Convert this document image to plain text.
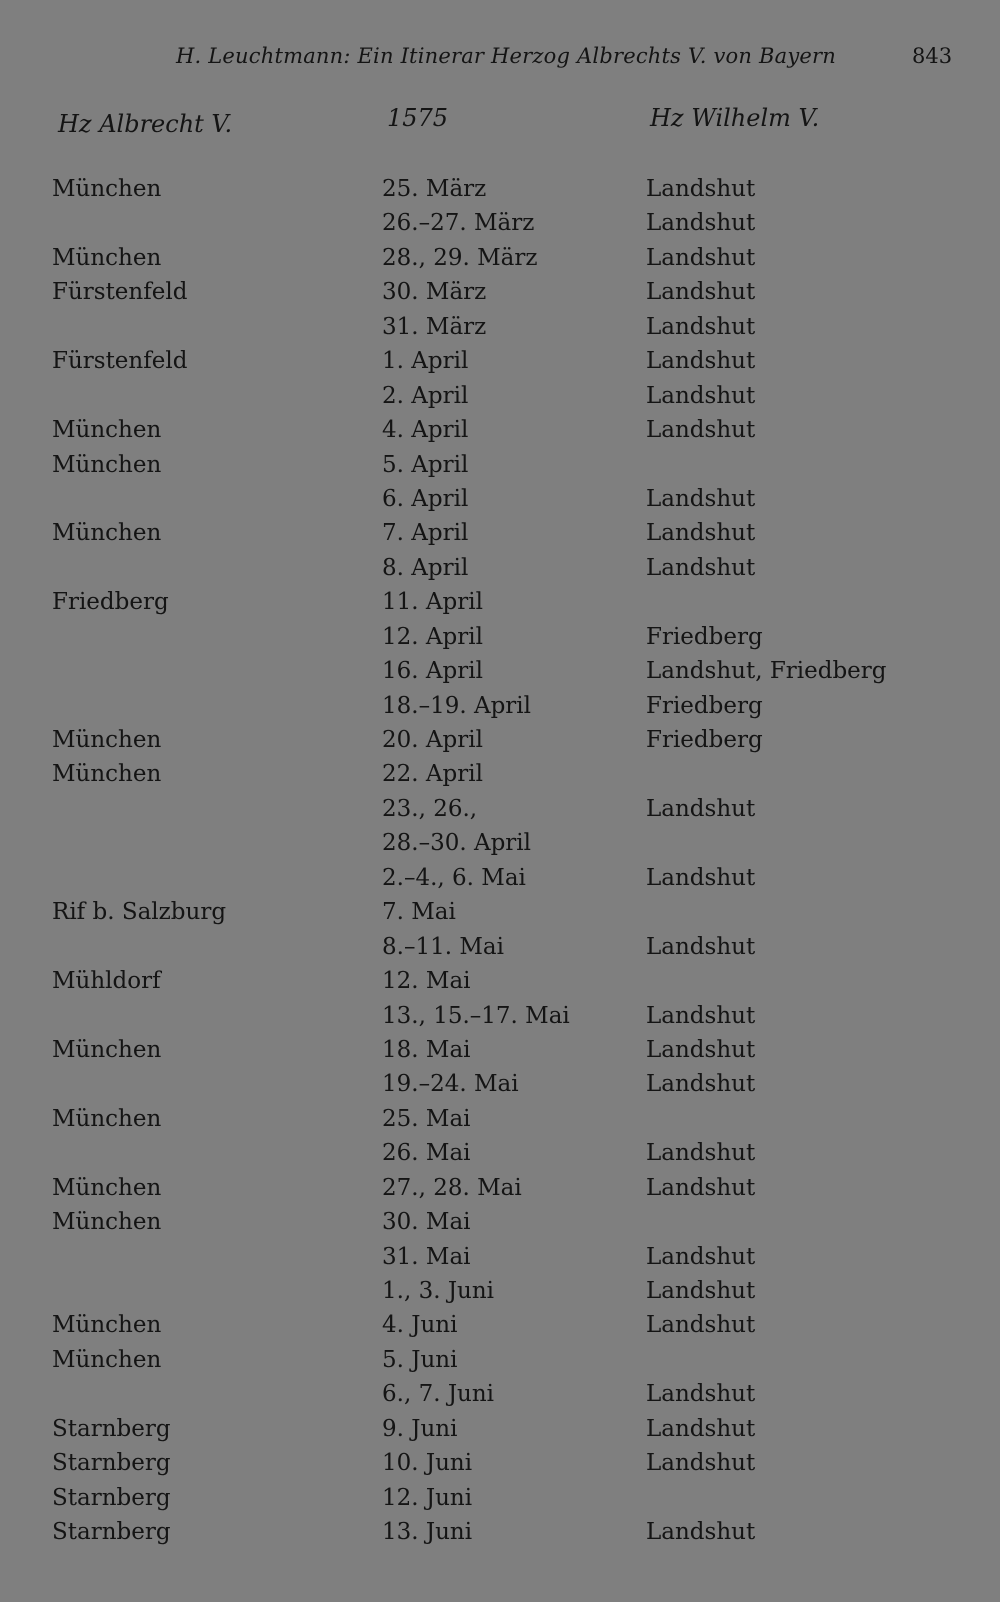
H. Leuchtmann: Ein Itinerar Herzog Albrechts V. von Bayern	843
Hz Albrecht V.	1575	Hz Wilhelm V.
München	25. März	Landshut
26.–27. März	Landshut
München	28., 29. März	Landshut
Fürstenfeld	30. März	Landshut
31. März	Landshut
Fürstenfeld	1. April	Landshut
2. April	Landshut
München	4. April	Landshut
München	5. April
6. April	Landshut
München	7. April	Landshut
8. April	Landshut
Friedberg	11. April
12. April	Friedberg
16. April	Landshut, Friedberg
18.–19. April	Friedberg
München	20. April	Friedberg
München	22. April
23., 26.,	Landshut
28.–30. April
2.–4., 6. Mai	Landshut
Rif b. Salzburg	7. Mai
8.–11. Mai	Landshut
Mühldorf	12. Mai
13., 15.–17. Mai	Landshut
München	18. Mai	Landshut
19.–24. Mai	Landshut
München	25. Mai
26. Mai	Landshut
München	27., 28. Mai	Landshut
München	30. Mai
31. Mai	Landshut
1., 3. Juni	Landshut
München	4. Juni	Landshut
München	5. Juni
6., 7. Juni	Landshut
Starnberg	9. Juni	Landshut
Starnberg	10. Juni	Landshut
Starnberg	12. Juni
Starnberg	13. Juni	Landshut
